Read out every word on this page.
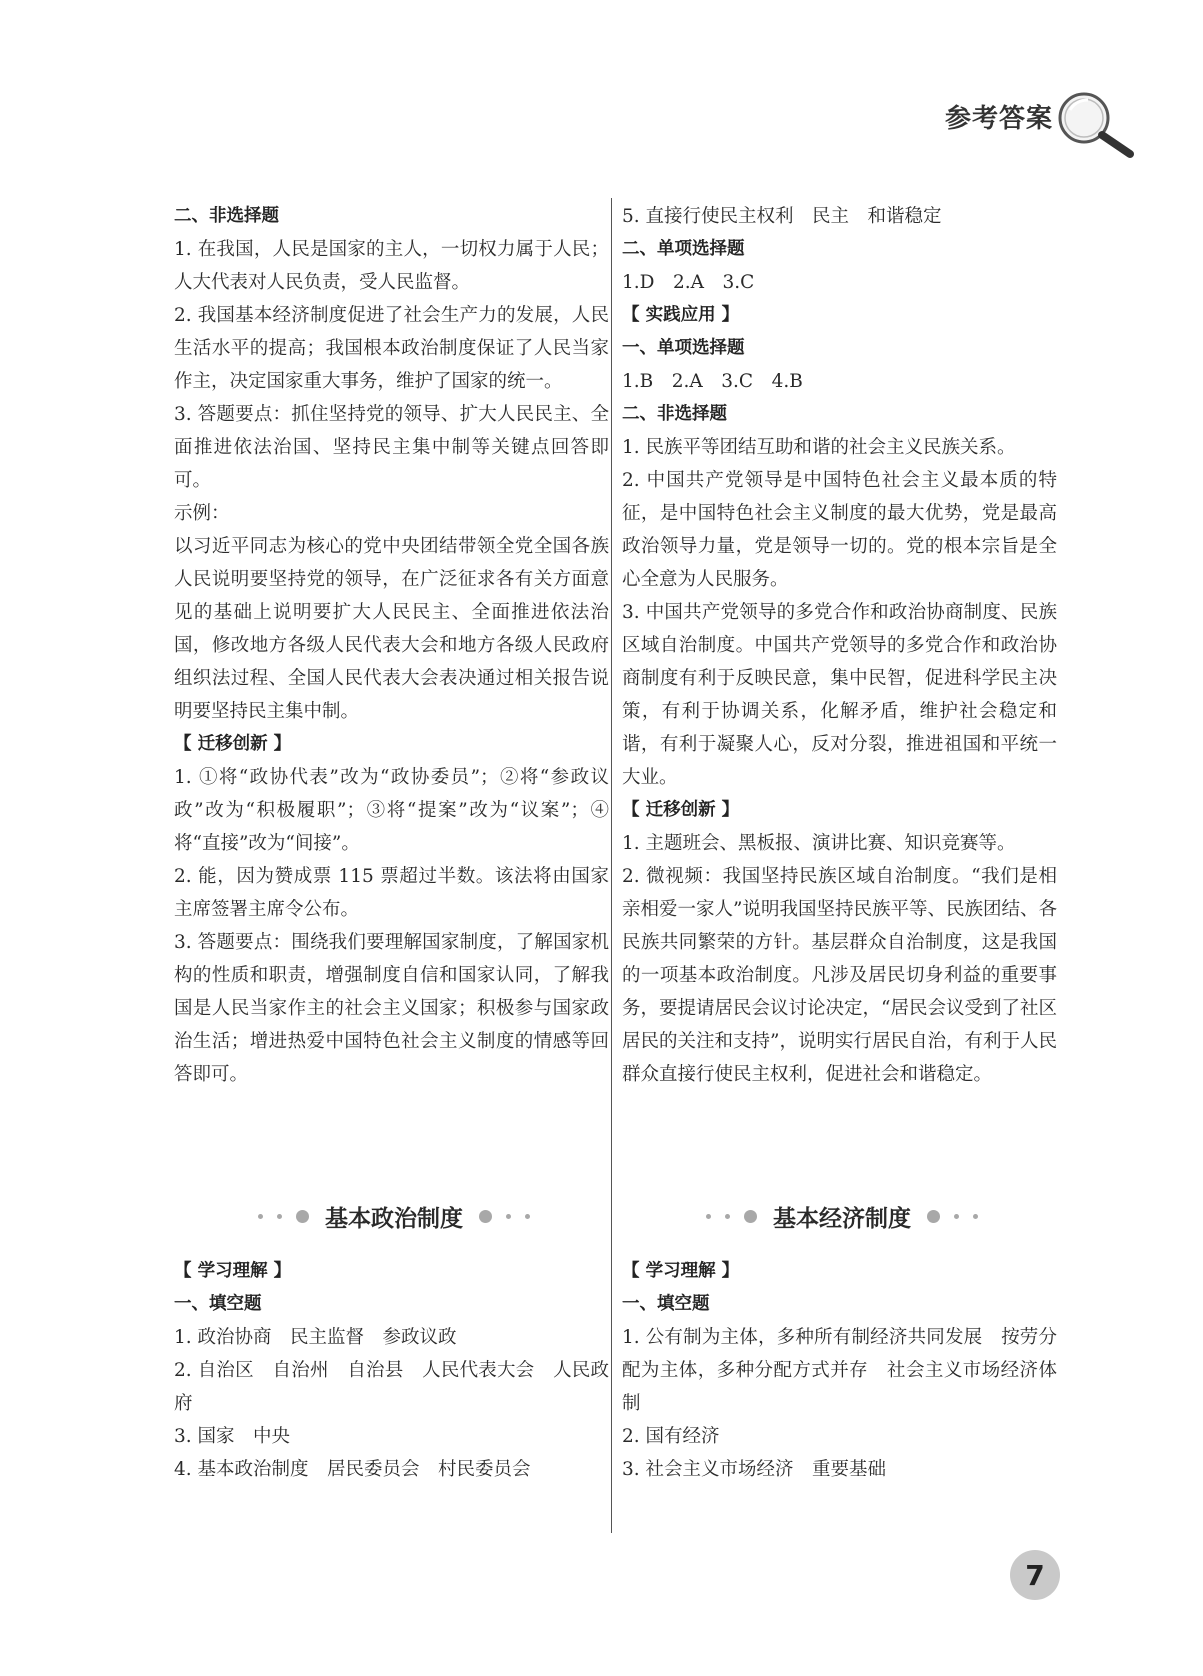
参考答案

二、非选择题

1. 在我国，人民是国家的主人，一切权力属于人民；人大代表对人民负责，受人民监督。

2. 我国基本经济制度促进了社会生产力的发展，人民生活水平的提高；我国根本政治制度保证了人民当家作主，决定国家重大事务，维护了国家的统一。

3. 答题要点：抓住坚持党的领导、扩大人民民主、全面推进依法治国、坚持民主集中制等关键点回答即可。

示例：

以习近平同志为核心的党中央团结带领全党全国各族人民说明要坚持党的领导，在广泛征求各有关方面意见的基础上说明要扩大人民民主、全面推进依法治国，修改地方各级人民代表大会和地方各级人民政府组织法过程、全国人民代表大会表决通过相关报告说明要坚持民主集中制。

【 迁移创新 】

1. ①将“政协代表”改为“政协委员”；②将“参政议政”改为“积极履职”；③将“提案”改为“议案”；④将“直接”改为“间接”。

2. 能，因为赞成票 115 票超过半数。该法将由国家主席签署主席令公布。

3. 答题要点：围绕我们要理解国家制度，了解国家机构的性质和职责，增强制度自信和国家认同，了解我国是人民当家作主的社会主义国家；积极参与国家政治生活；增进热爱中国特色社会主义制度的情感等回答即可。

5. 直接行使民主权利　民主　和谐稳定

二、单项选择题

1.D　2.A　3.C

【 实践应用 】

一、单项选择题

1.B　2.A　3.C　4.B

二、非选择题

1. 民族平等团结互助和谐的社会主义民族关系。

2. 中国共产党领导是中国特色社会主义最本质的特征，是中国特色社会主义制度的最大优势，党是最高政治领导力量，党是领导一切的。党的根本宗旨是全心全意为人民服务。

3. 中国共产党领导的多党合作和政治协商制度、民族区域自治制度。中国共产党领导的多党合作和政治协商制度有利于反映民意，集中民智，促进科学民主决策，有利于协调关系，化解矛盾，维护社会稳定和谐，有利于凝聚人心，反对分裂，推进祖国和平统一大业。

【 迁移创新 】

1. 主题班会、黑板报、演讲比赛、知识竞赛等。

2. 微视频：我国坚持民族区域自治制度。“我们是相亲相爱一家人”说明我国坚持民族平等、民族团结、各民族共同繁荣的方针。基层群众自治制度，这是我国的一项基本政治制度。凡涉及居民切身利益的重要事务，要提请居民会议讨论决定，“居民会议受到了社区居民的关注和支持”，说明实行居民自治，有利于人民群众直接行使民主权利，促进社会和谐稳定。

基本政治制度	基本经济制度

【 学习理解 】

一、填空题

1. 政治协商　民主监督　参政议政

2. 自治区　自治州　自治县　人民代表大会　人民政府

3. 国家　中央

4. 基本政治制度　居民委员会　村民委员会

【 学习理解 】

一、填空题

1. 公有制为主体，多种所有制经济共同发展　按劳分配为主体，多种分配方式并存　社会主义市场经济体制

2. 国有经济

3. 社会主义市场经济　重要基础

7
